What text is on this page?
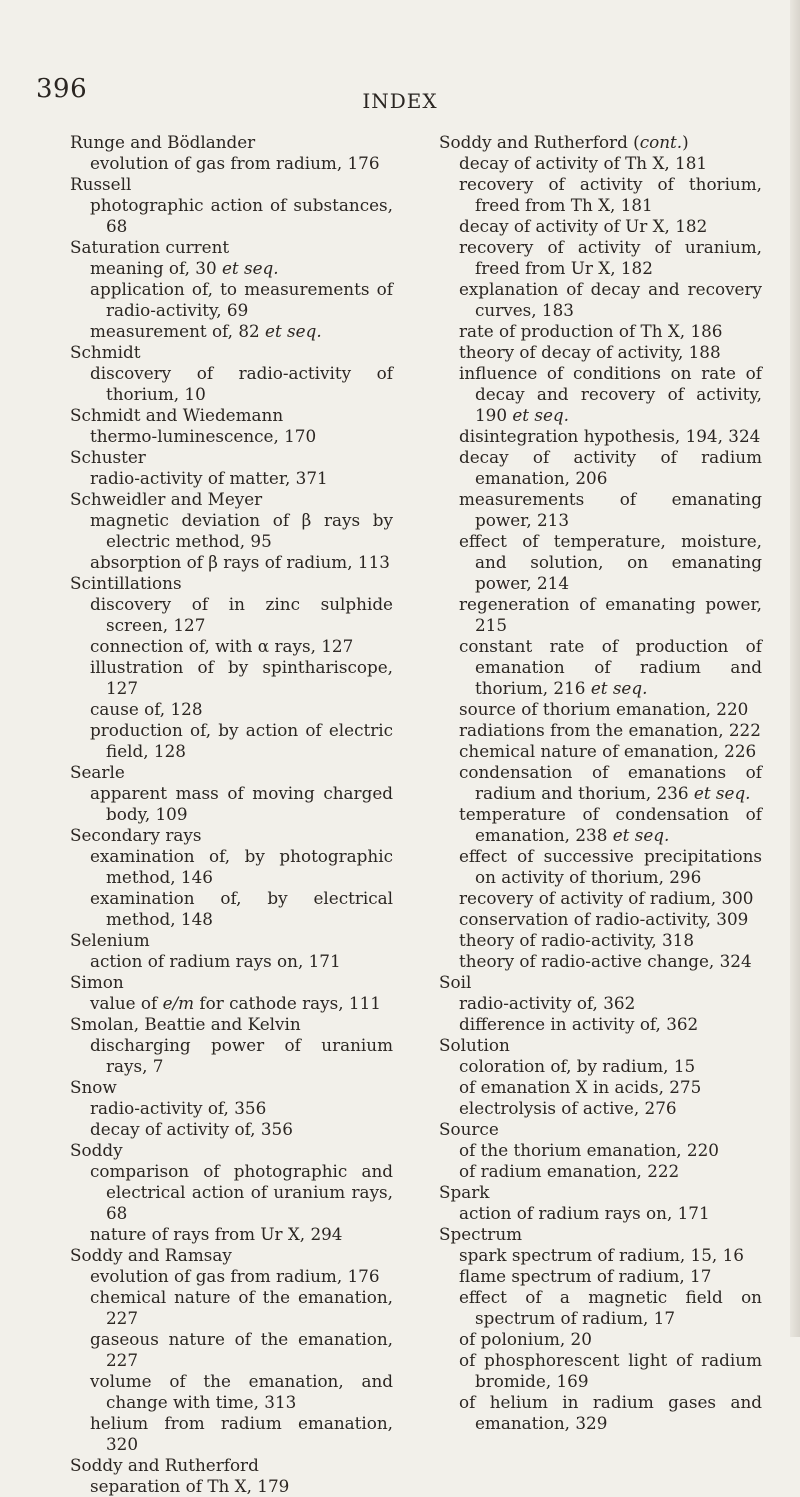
396	INDEX

Runge and Bödlander

evolution of gas from radium, 176

Russell

photographic action of substances, 68

Saturation current

meaning of, 30 et seq.

application of, to measurements of radio-activity, 69

measurement of, 82 et seq.

Schmidt

discovery of radio-activity of thorium, 10

Schmidt and Wiedemann

thermo-luminescence, 170

Schuster

radio-activity of matter, 371

Schweidler and Meyer

magnetic deviation of β rays by electric method, 95

absorption of β rays of radium, 113

Scintillations

discovery of in zinc sulphide screen, 127

connection of, with α rays, 127

illustration of by spinthariscope, 127

cause of, 128

production of, by action of electric field, 128

Searle

apparent mass of moving charged body, 109

Secondary rays

examination of, by photographic method, 146

examination of, by electrical method, 148

Selenium

action of radium rays on, 171

Simon

value of e/m for cathode rays, 111

Smolan, Beattie and Kelvin

discharging power of uranium rays, 7

Snow

radio-activity of, 356

decay of activity of, 356

Soddy

comparison of photographic and electrical action of uranium rays, 68

nature of rays from Ur X, 294

Soddy and Ramsay

evolution of gas from radium, 176

chemical nature of the emanation, 227

gaseous nature of the emanation, 227

volume of the emanation, and change with time, 313

helium from radium emanation, 320

Soddy and Rutherford

separation of Th X, 179

Soddy and Rutherford (cont.)

decay of activity of Th X, 181

recovery of activity of thorium, freed from Th X, 181

decay of activity of Ur X, 182

recovery of activity of uranium, freed from Ur X, 182

explanation of decay and recovery curves, 183

rate of production of Th X, 186

theory of decay of activity, 188

influence of conditions on rate of decay and recovery of activity, 190 et seq.

disintegration hypothesis, 194, 324

decay of activity of radium emanation, 206

measurements of emanating power, 213

effect of temperature, moisture, and solution, on emanating power, 214

regeneration of emanating power, 215

constant rate of production of emanation of radium and thorium, 216 et seq.

source of thorium emanation, 220

radiations from the emanation, 222

chemical nature of emanation, 226

condensation of emanations of radium and thorium, 236 et seq.

temperature of condensation of emanation, 238 et seq.

effect of successive precipitations on activity of thorium, 296

recovery of activity of radium, 300

conservation of radio-activity, 309

theory of radio-activity, 318

theory of radio-active change, 324

Soil

radio-activity of, 362

difference in activity of, 362

Solution

coloration of, by radium, 15

of emanation X in acids, 275

electrolysis of active, 276

Source

of the thorium emanation, 220

of radium emanation, 222

Spark

action of radium rays on, 171

Spectrum

spark spectrum of radium, 15, 16

flame spectrum of radium, 17

effect of a magnetic field on spectrum of radium, 17

of polonium, 20

of phosphorescent light of radium bromide, 169

of helium in radium gases and emanation, 329
